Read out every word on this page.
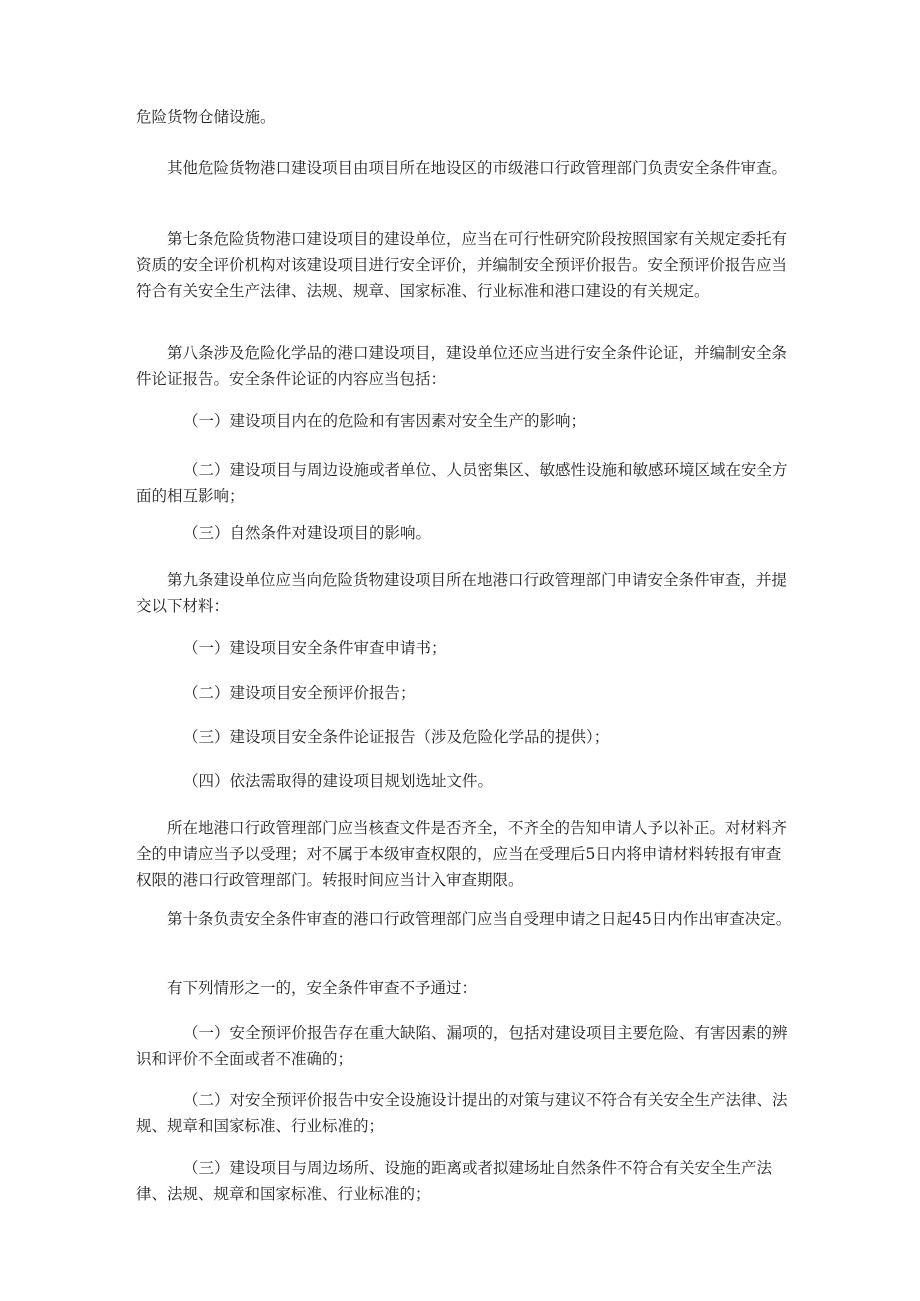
危险货物仓储设施。

其他危险货物港口建设项目由项目所在地设区的市级港口行政管理部门负责安全条件审查。

第七条危险货物港口建设项目的建设单位，应当在可行性研究阶段按照国家有关规定委托有资质的安全评价机构对该建设项目进行安全评价，并编制安全预评价报告。安全预评价报告应当符合有关安全生产法律、法规、规章、国家标准、行业标准和港口建设的有关规定。

第八条涉及危险化学品的港口建设项目，建设单位还应当进行安全条件论证，并编制安全条件论证报告。安全条件论证的内容应当包括：

（一）建设项目内在的危险和有害因素对安全生产的影响；

（二）建设项目与周边设施或者单位、人员密集区、敏感性设施和敏感环境区域在安全方面的相互影响；

（三）自然条件对建设项目的影响。

第九条建设单位应当向危险货物建设项目所在地港口行政管理部门申请安全条件审查，并提交以下材料：

（一）建设项目安全条件审查申请书；

（二）建设项目安全预评价报告；

（三）建设项目安全条件论证报告（涉及危险化学品的提供）；

（四）依法需取得的建设项目规划选址文件。

所在地港口行政管理部门应当核查文件是否齐全，不齐全的告知申请人予以补正。对材料齐全的申请应当予以受理；对不属于本级审查权限的，应当在受理后5日内将申请材料转报有审查权限的港口行政管理部门。转报时间应当计入审查期限。

第十条负责安全条件审查的港口行政管理部门应当自受理申请之日起45日内作出审查决定。

有下列情形之一的，安全条件审查不予通过：

（一）安全预评价报告存在重大缺陷、漏项的，包括对建设项目主要危险、有害因素的辨识和评价不全面或者不准确的；

（二）对安全预评价报告中安全设施设计提出的对策与建议不符合有关安全生产法律、法规、规章和国家标准、行业标准的；

（三）建设项目与周边场所、设施的距离或者拟建场址自然条件不符合有关安全生产法律、法规、规章和国家标准、行业标准的；
